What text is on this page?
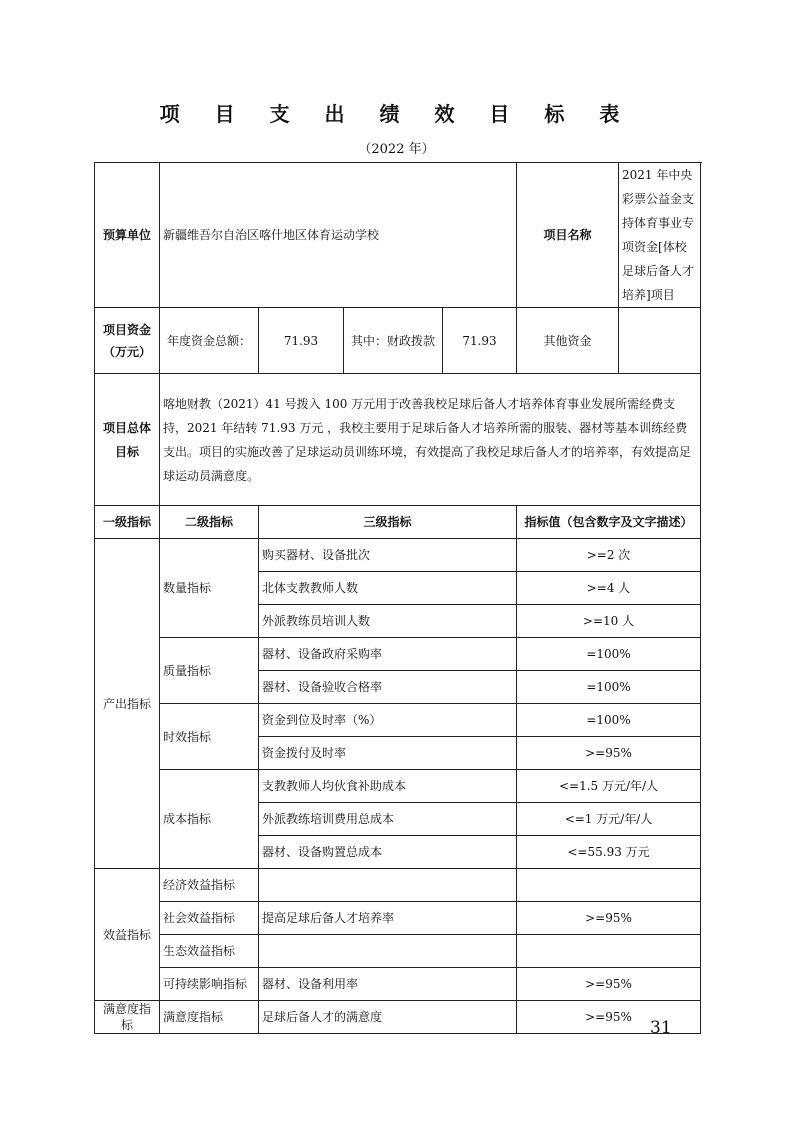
项 目 支 出 绩 效 目 标 表
（2022 年）
预算单位	新疆维吾尔自治区喀什地区体育运动学校				项目名称	2021 年中央彩票公益金支持体育事业专项资金[体校足球后备人才培养]项目

项目资金
（万元）	年度资金总额：	71.93	其中：财政拨款	71.93	其他资金	
项目总体目标	喀地财教（2021）41 号拨入 100 万元用于改善我校足球后备人才培养体育事业发展所需经费支持，2021 年结转 71.93 万元 ，我校主要用于足球后备人才培养所需的服装、器材等基本训练经费支出。项目的实施改善了足球运动员训练环境，有效提高了我校足球后备人才的培养率，有效提高足球运动员满意度。					
一级指标	二级指标	三级指标			指标值（包含数字及文字描述）	
产出指标	数量指标	购买器材、设备批次			>=2 次	
		北体支教教师人数			>=4 人	
		外派教练员培训人数			>=10 人	
	质量指标	器材、设备政府采购率			=100%	
		器材、设备验收合格率			=100%	
	时效指标	资金到位及时率（%）			=100%	
		资金拨付及时率			>=95%	
	成本指标	支教教师人均伙食补助成本			<=1.5 万元/年/人	
		外派教练培训费用总成本			<=1 万元/年/人	
		器材、设备购置总成本			<=55.93 万元	
效益指标	经济效益指标					
	社会效益指标	提高足球后备人才培养率			>=95%	
	生态效益指标					
	可持续影响指标	器材、设备利用率			>=95%	
满意度指标	满意度指标	足球后备人才的满意度			>=95%	
31
